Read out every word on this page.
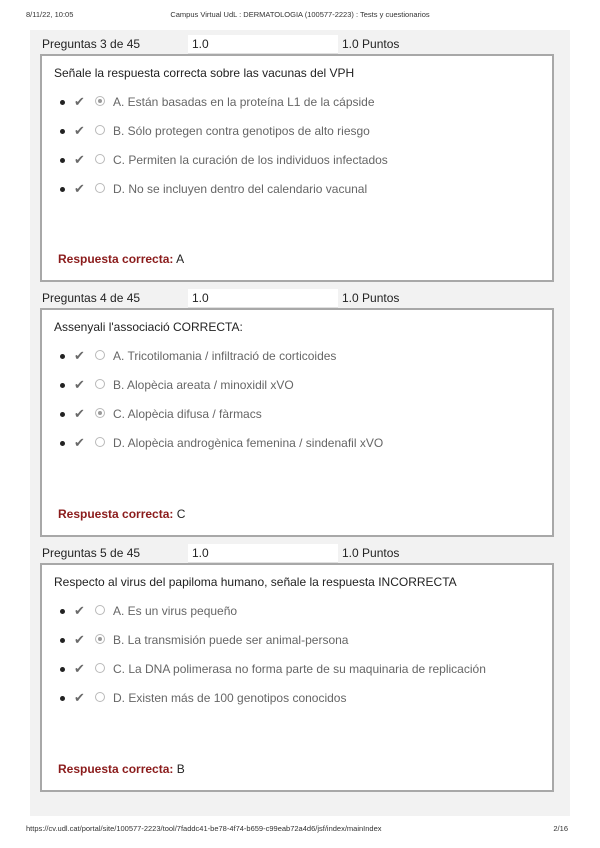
8/11/22, 10:05	Campus Virtual UdL : DERMATOLOGIA (100577-2223) : Tests y cuestionarios
Preguntas 3 de 45	1.0	1.0 Puntos
Señale la respuesta correcta sobre las vacunas del VPH
✔ A. Están basadas en la proteína L1 de la cápside
✔ B. Sólo protegen contra genotipos de alto riesgo
✔ C. Permiten la curación de los individuos infectados
✔ D. No se incluyen dentro del calendario vacunal
Respuesta correcta: A
Preguntas 4 de 45	1.0	1.0 Puntos
Assenyali l'associació CORRECTA:
✔ A. Tricotilomania / infiltració de corticoides
✔ B. Alopècia areata / minoxidil xVO
✔ C. Alopècia difusa / fàrmacs
✔ D. Alopècia androgènica femenina / sindenafil xVO
Respuesta correcta: C
Preguntas 5 de 45	1.0	1.0 Puntos
Respecto al virus del papiloma humano, señale la respuesta INCORRECTA
✔ A. Es un virus pequeño
✔ B. La transmisión puede ser animal-persona
✔ C. La DNA polimerasa no forma parte de su maquinaria de replicación
✔ D. Existen más de 100 genotipos conocidos
Respuesta correcta: B
https://cv.udl.cat/portal/site/100577-2223/tool/7faddc41-be78-4f74-b659-c99eab72a4d6/jsf/index/mainIndex	2/16
